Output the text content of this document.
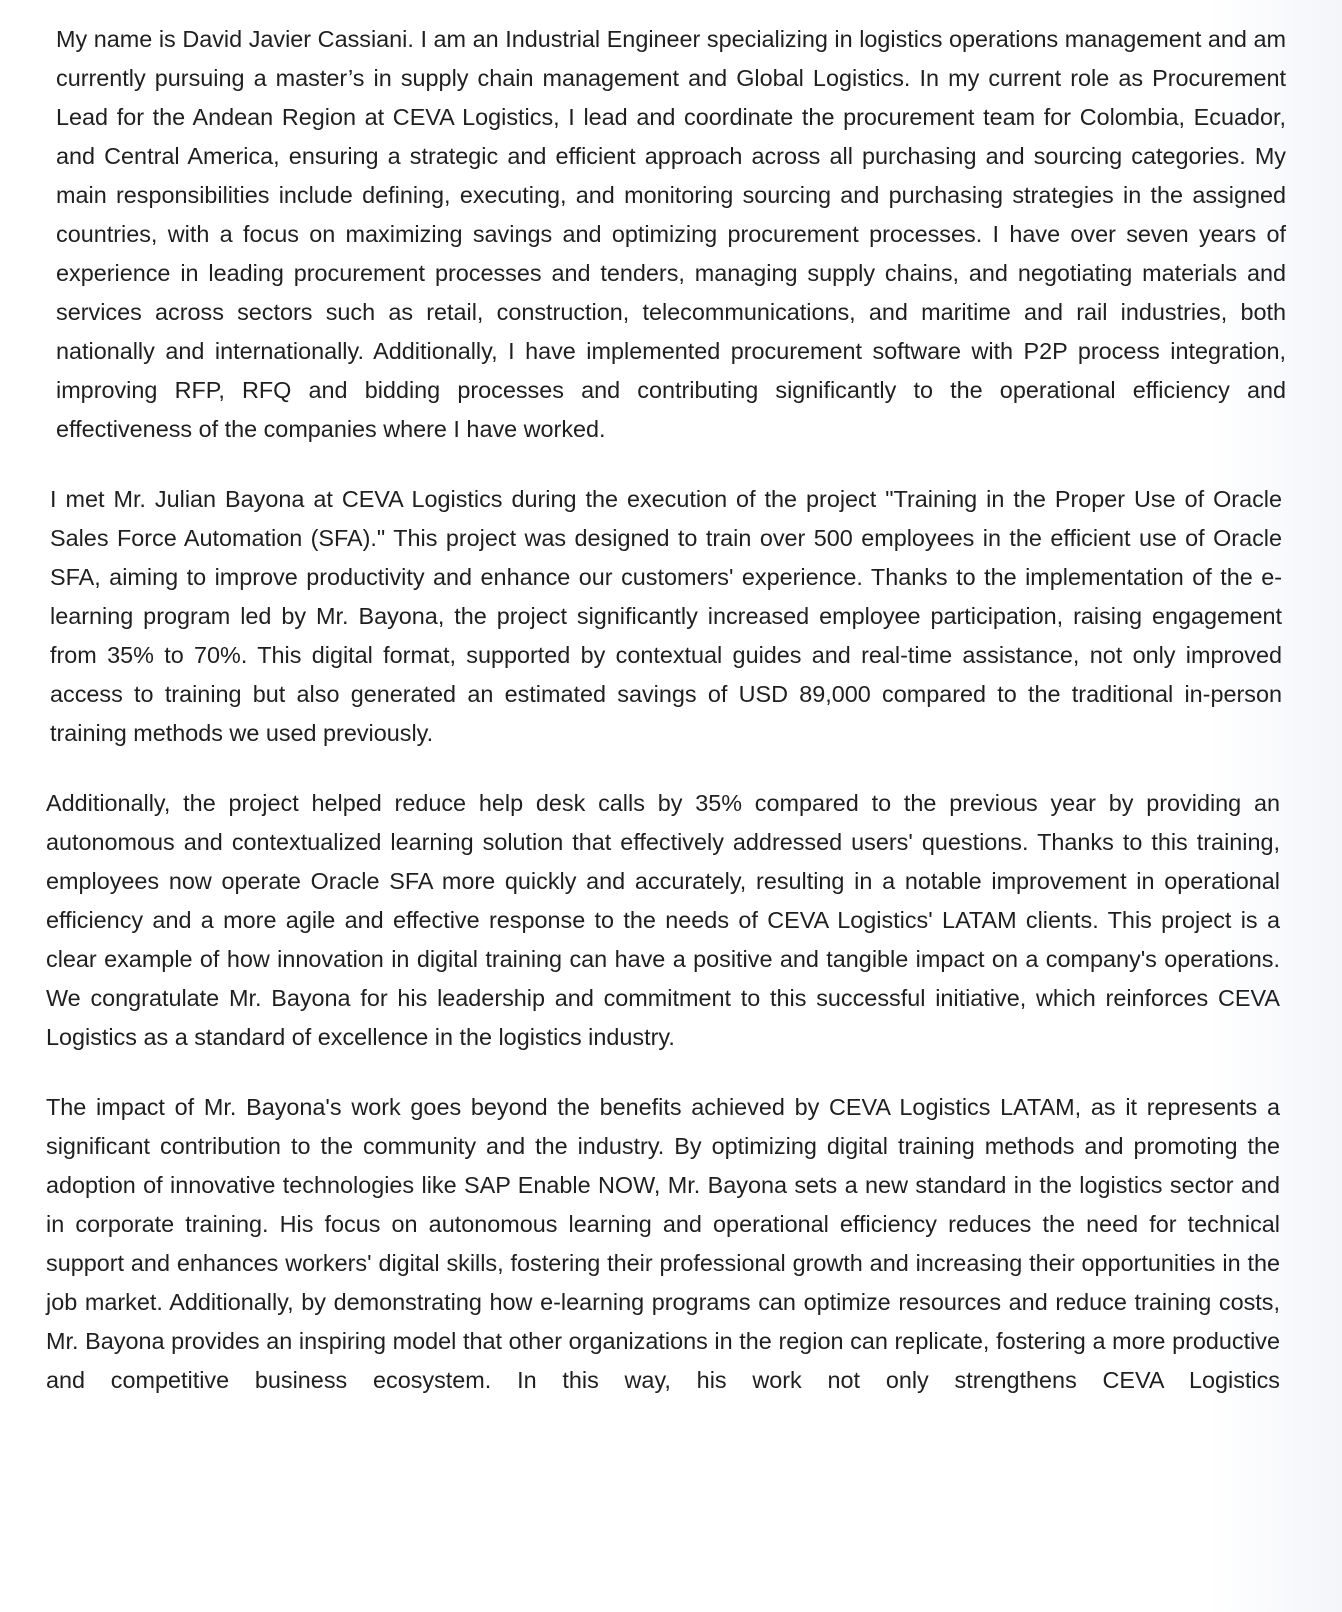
My name is David Javier Cassiani. I am an Industrial Engineer specializing in logistics operations management and am currently pursuing a master’s in supply chain management and Global Logistics. In my current role as Procurement Lead for the Andean Region at CEVA Logistics, I lead and coordinate the procurement team for Colombia, Ecuador, and Central America, ensuring a strategic and efficient approach across all purchasing and sourcing categories. My main responsibilities include defining, executing, and monitoring sourcing and purchasing strategies in the assigned countries, with a focus on maximizing savings and optimizing procurement processes. I have over seven years of experience in leading procurement processes and tenders, managing supply chains, and negotiating materials and services across sectors such as retail, construction, telecommunications, and maritime and rail industries, both nationally and internationally. Additionally, I have implemented procurement software with P2P process integration, improving RFP, RFQ and bidding processes and contributing significantly to the operational efficiency and effectiveness of the companies where I have worked.

I met Mr. Julian Bayona at CEVA Logistics during the execution of the project "Training in the Proper Use of Oracle Sales Force Automation (SFA)." This project was designed to train over 500 employees in the efficient use of Oracle SFA, aiming to improve productivity and enhance our customers' experience. Thanks to the implementation of the e-learning program led by Mr. Bayona, the project significantly increased employee participation, raising engagement from 35% to 70%. This digital format, supported by contextual guides and real-time assistance, not only improved access to training but also generated an estimated savings of USD 89,000 compared to the traditional in-person training methods we used previously.

Additionally, the project helped reduce help desk calls by 35% compared to the previous year by providing an autonomous and contextualized learning solution that effectively addressed users' questions. Thanks to this training, employees now operate Oracle SFA more quickly and accurately, resulting in a notable improvement in operational efficiency and a more agile and effective response to the needs of CEVA Logistics' LATAM clients. This project is a clear example of how innovation in digital training can have a positive and tangible impact on a company's operations. We congratulate Mr. Bayona for his leadership and commitment to this successful initiative, which reinforces CEVA Logistics as a standard of excellence in the logistics industry.

The impact of Mr. Bayona's work goes beyond the benefits achieved by CEVA Logistics LATAM, as it represents a significant contribution to the community and the industry. By optimizing digital training methods and promoting the adoption of innovative technologies like SAP Enable NOW, Mr. Bayona sets a new standard in the logistics sector and in corporate training. His focus on autonomous learning and operational efficiency reduces the need for technical support and enhances workers' digital skills, fostering their professional growth and increasing their opportunities in the job market. Additionally, by demonstrating how e-learning programs can optimize resources and reduce training costs, Mr. Bayona provides an inspiring model that other organizations in the region can replicate, fostering a more productive and competitive business ecosystem. In this way, his work not only strengthens CEVA Logistics
